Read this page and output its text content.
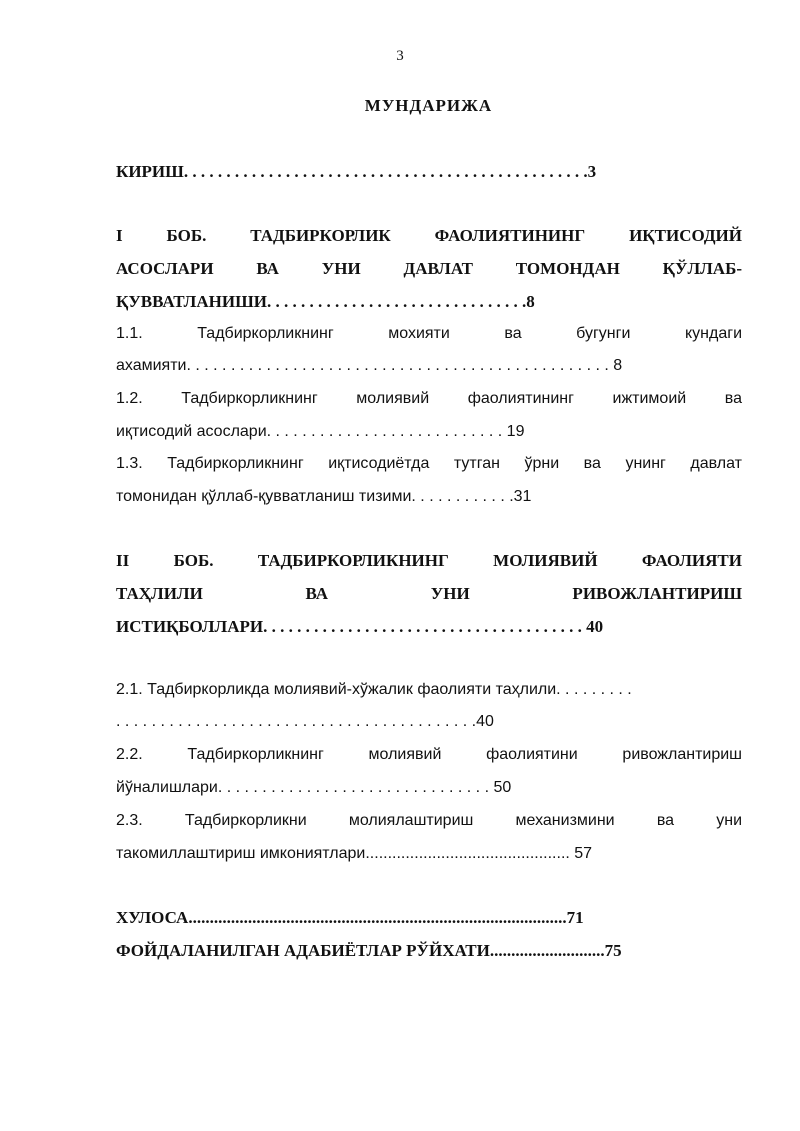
3
МУНДАРИЖА
КИРИШ. . . . . . . . . . . . . . . . . . . . . . . . . . . . . . . . . . . . . . . . . . . . . . . .3
I БОБ. ТАДБИРКОРЛИК ФАОЛИЯТИНИНГ ИҚТИСОДИЙ
АСОСЛАРИ ВА УНИ ДАВЛАТ ТОМОНДАН ҚЎЛЛАБ-
ҚУВВАТЛАНИШИ. . . . . . . . . . . . . . . . . . . . . . . . . . . . . . .8
1.1. Тадбиркорликнинг мохияти ва бугунги кундаги
ахамияти. . . . . . . . . . . . . . . . . . . . . . . . . . . . . . . . . . . . . . . . . . . . . . . . 8
1.2. Тадбиркорликнинг молиявий фаолиятининг ижтимоий ва
иқтисодий асослари. . . . . . . . . . . . . . . . . . . . . . . . . . . 19
1.3. Тадбиркорликнинг иқтисодиётда тутган ўрни ва унинг давлат
томонидан қўллаб-қувватланиш тизими. . . . . . . . . . . .31
II БОБ. ТАДБИРКОРЛИКНИНГ МОЛИЯВИЙ ФАОЛИЯТИ
ТАҲЛИЛИ ВА УНИ РИВОЖЛАНТИРИШ
ИСТИҚБОЛЛАРИ. . . . . . . . . . . . . . . . . . . . . . . . . . . . . . . . . . . . . . 40
2.1. Тадбиркорликда молиявий-хўжалик фаолияти таҳлили. . . . . . . . .
. . . . . . . . . . . . . . . . . . . . . . . . . . . . . . . . . . . . . . . . .40
2.2. Тадбиркорликнинг молиявий фаолиятини ривожлантириш
йўналишлари. . . . . . . . . . . . . . . . . . . . . . . . . . . . . . . 50
2.3. Тадбиркорликни молиялаштириш механизмини ва уни
такомиллаштириш имкониятлари.............................................. 57
ХУЛОСА.........................................................................................71
ФОЙДАЛАНИЛГАН АДАБИЁТЛАР РЎЙХАТИ...........................75
